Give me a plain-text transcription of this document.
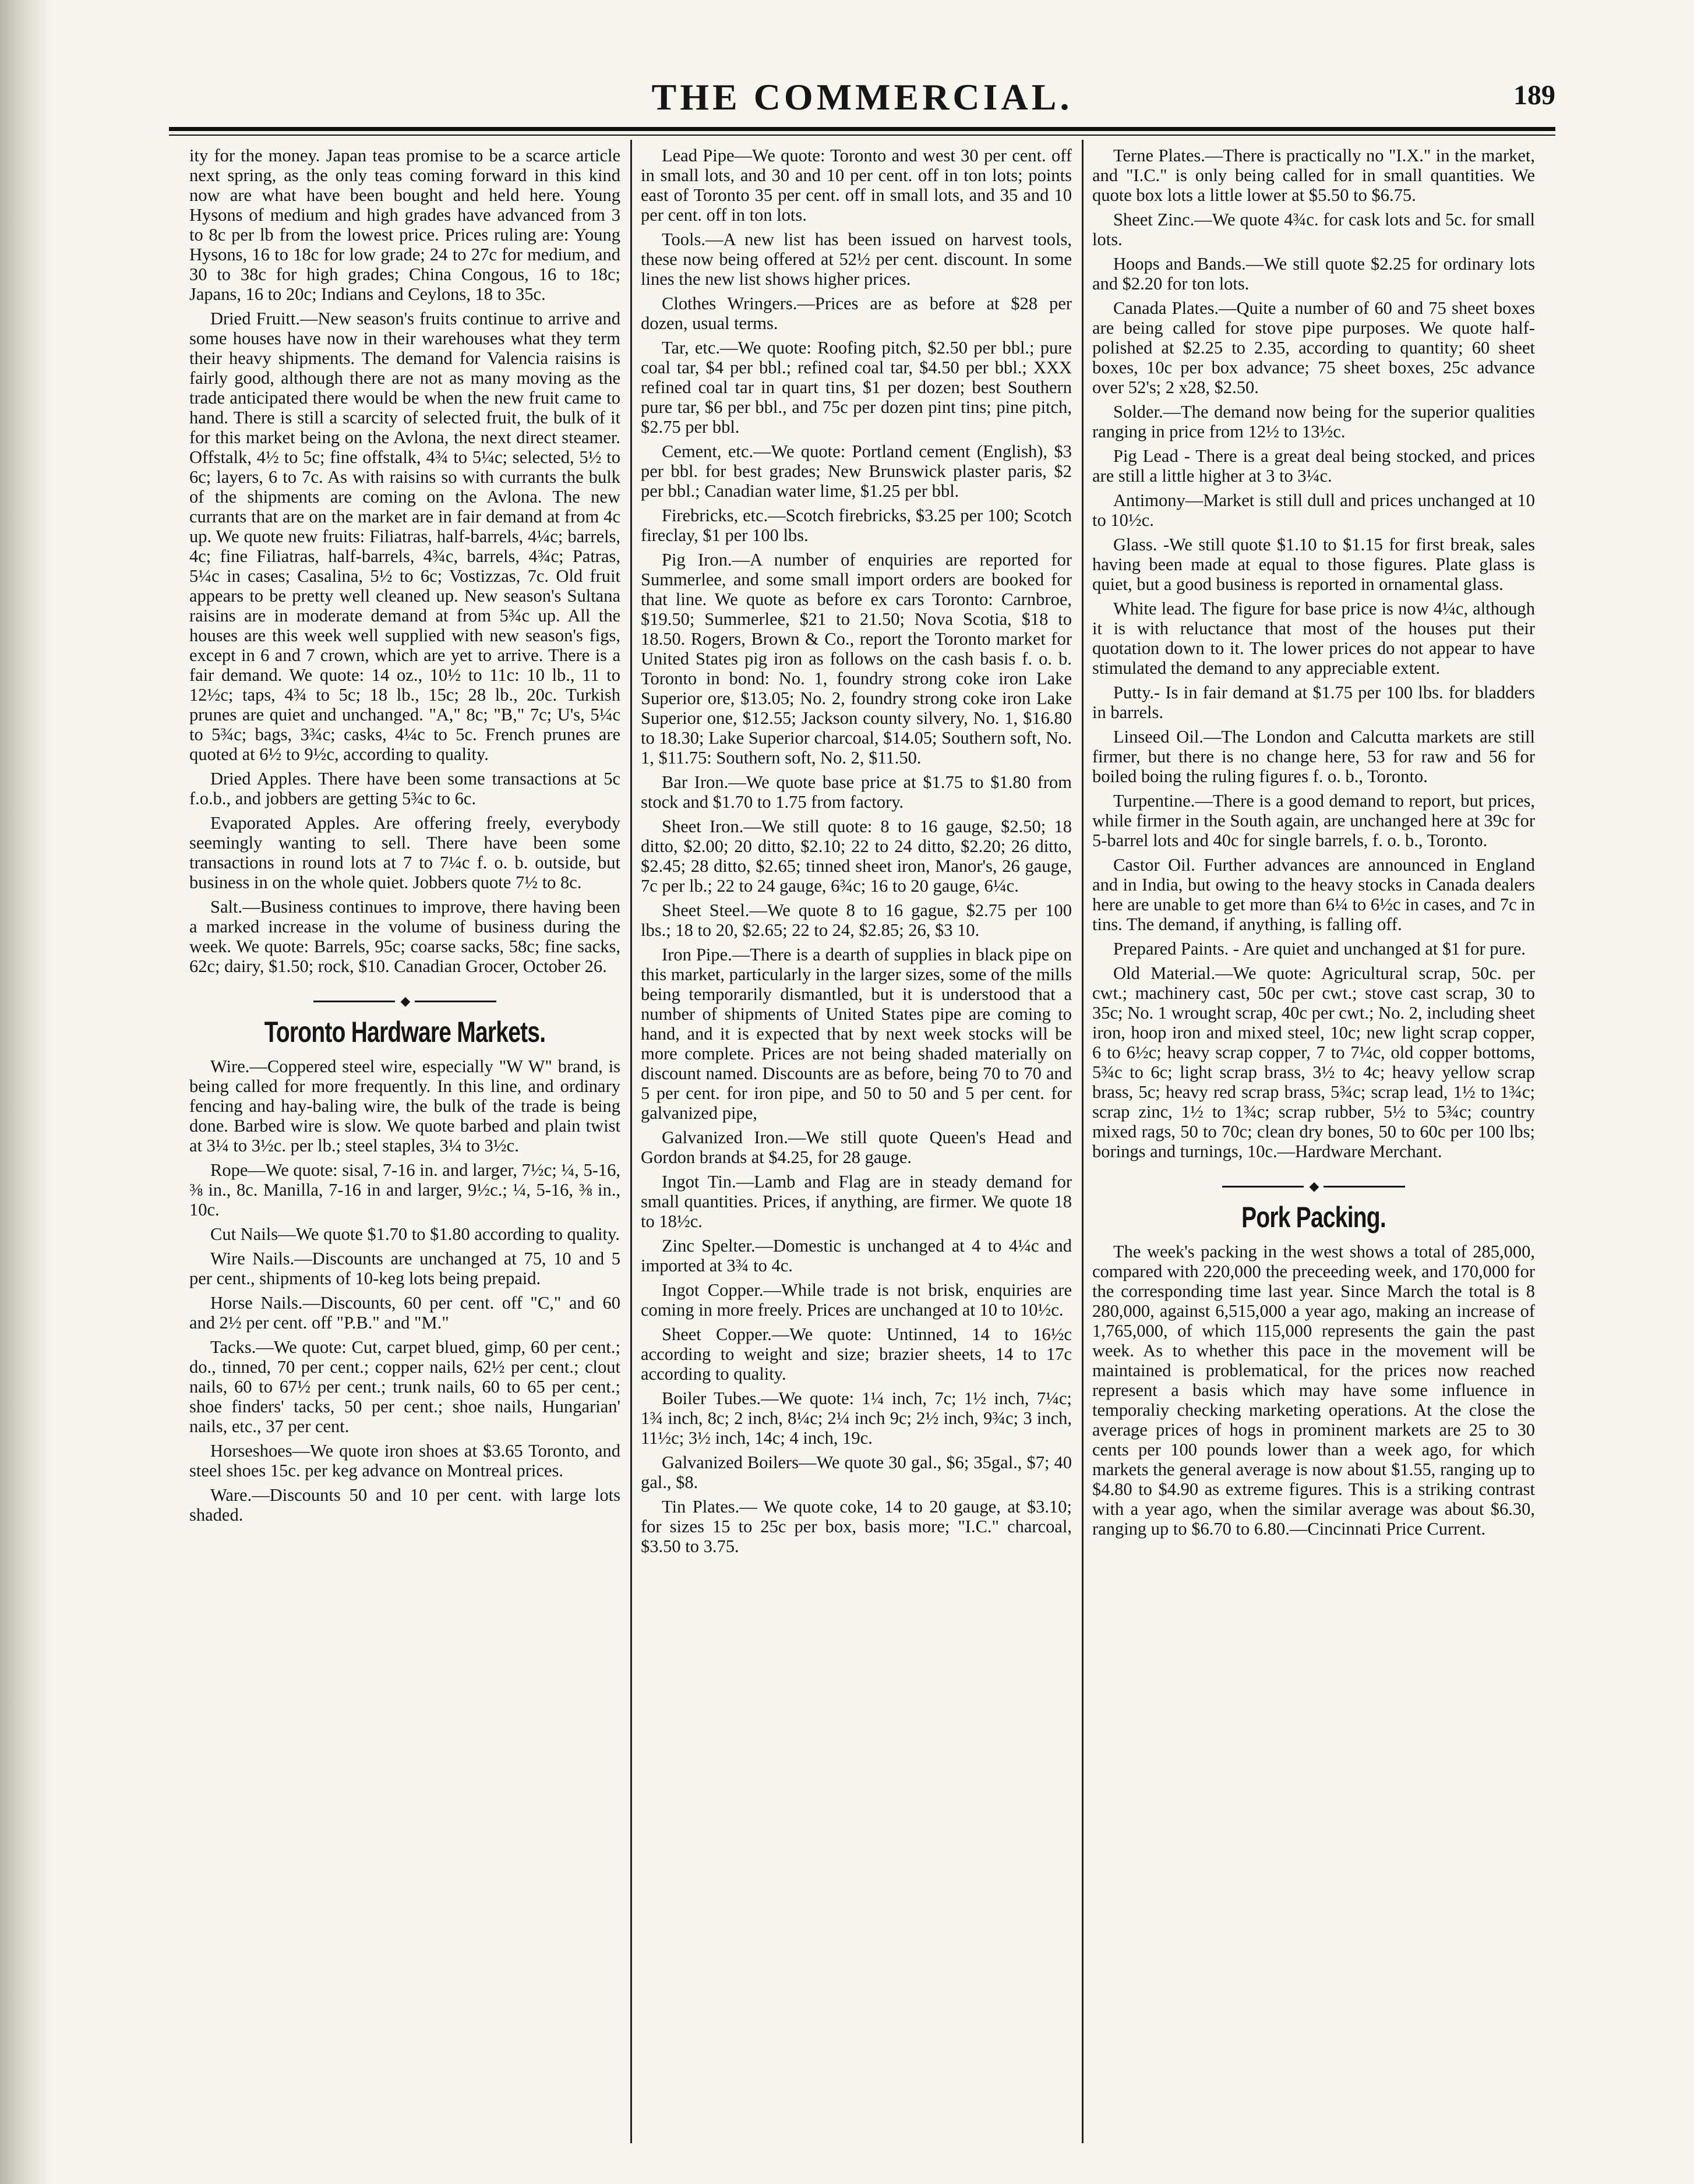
THE COMMERCIAL.	189

ity for the money. Japan teas promise to be a scarce article next spring, as the only teas coming forward in this kind now are what have been bought and held here. Young Hysons of medium and high grades have advanced from 3 to 8c per lb from the lowest price. Prices ruling are: Young Hysons, 16 to 18c for low grade; 24 to 27c for medium, and 30 to 38c for high grades; China Congous, 16 to 18c; Japans, 16 to 20c; Indians and Ceylons, 18 to 35c.

Dried Fruitt.—New season's fruits continue to arrive and some houses have now in their warehouses what they term their heavy shipments. The demand for Valencia raisins is fairly good, although there are not as many moving as the trade anticipated there would be when the new fruit came to hand. There is still a scarcity of selected fruit, the bulk of it for this market being on the Avlona, the next direct steamer. Offstalk, 4½ to 5c; fine offstalk, 4¾ to 5¼c; selected, 5½ to 6c; layers, 6 to 7c. As with raisins so with currants the bulk of the shipments are coming on the Avlona. The new currants that are on the market are in fair demand at from 4c up. We quote new fruits: Filiatras, half-barrels, 4¼c; barrels, 4c; fine Filiatras, half-barrels, 4¾c, barrels, 4¾c; Patras, 5¼c in cases; Casalina, 5½ to 6c; Vostizzas, 7c. Old fruit appears to be pretty well cleaned up. New season's Sultana raisins are in moderate demand at from 5¾c up. All the houses are this week well supplied with new season's figs, except in 6 and 7 crown, which are yet to arrive. There is a fair demand. We quote: 14 oz., 10½ to 11c: 10 lb., 11 to 12½c; taps, 4¾ to 5c; 18 lb., 15c; 28 lb., 20c. Turkish prunes are quiet and unchanged. "A," 8c; "B," 7c; U's, 5¼c to 5¾c; bags, 3¾c; casks, 4¼c to 5c. French prunes are quoted at 6½ to 9½c, according to quality.

Dried Apples. There have been some transactions at 5c f.o.b., and jobbers are getting 5¾c to 6c.

Evaporated Apples. Are offering freely, everybody seemingly wanting to sell. There have been some transactions in round lots at 7 to 7¼c f. o. b. outside, but business in on the whole quiet. Jobbers quote 7½ to 8c.

Salt.—Business continues to improve, there having been a marked increase in the volume of business during the week. We quote: Barrels, 95c; coarse sacks, 58c; fine sacks, 62c; dairy, $1.50; rock, $10. Canadian Grocer, October 26.

◆
Toronto Hardware Markets.

Wire.—Coppered steel wire, especially "W W" brand, is being called for more frequently. In this line, and ordinary fencing and hay-baling wire, the bulk of the trade is being done. Barbed wire is slow. We quote barbed and plain twist at 3¼ to 3½c. per lb.; steel staples, 3¼ to 3½c.

Rope—We quote: sisal, 7-16 in. and larger, 7½c; ¼, 5-16, ⅜ in., 8c. Manilla, 7-16 in and larger, 9½c.; ¼, 5-16, ⅜ in., 10c.

Cut Nails—We quote $1.70 to $1.80 according to quality.

Wire Nails.—Discounts are unchanged at 75, 10 and 5 per cent., shipments of 10-keg lots being prepaid.

Horse Nails.—Discounts, 60 per cent. off "C," and 60 and 2½ per cent. off "P.B." and "M."

Tacks.—We quote: Cut, carpet blued, gimp, 60 per cent.; do., tinned, 70 per cent.; copper nails, 62½ per cent.; clout nails, 60 to 67½ per cent.; trunk nails, 60 to 65 per cent.; shoe finders' tacks, 50 per cent.; shoe nails, Hungarian' nails, etc., 37 per cent.

Horseshoes—We quote iron shoes at $3.65 Toronto, and steel shoes 15c. per keg advance on Montreal prices.

Ware.—Discounts 50 and 10 per cent. with large lots shaded.

Lead Pipe—We quote: Toronto and west 30 per cent. off in small lots, and 30 and 10 per cent. off in ton lots; points east of Toronto 35 per cent. off in small lots, and 35 and 10 per cent. off in ton lots.

Tools.—A new list has been issued on harvest tools, these now being offered at 52½ per cent. discount. In some lines the new list shows higher prices.

Clothes Wringers.—Prices are as before at $28 per dozen, usual terms.

Tar, etc.—We quote: Roofing pitch, $2.50 per bbl.; pure coal tar, $4 per bbl.; refined coal tar, $4.50 per bbl.; XXX refined coal tar in quart tins, $1 per dozen; best Southern pure tar, $6 per bbl., and 75c per dozen pint tins; pine pitch, $2.75 per bbl.

Cement, etc.—We quote: Portland cement (English), $3 per bbl. for best grades; New Brunswick plaster paris, $2 per bbl.; Canadian water lime, $1.25 per bbl.

Firebricks, etc.—Scotch firebricks, $3.25 per 100; Scotch fireclay, $1 per 100 lbs.

Pig Iron.—A number of enquiries are reported for Summerlee, and some small import orders are booked for that line. We quote as before ex cars Toronto: Carnbroe, $19.50; Summerlee, $21 to 21.50; Nova Scotia, $18 to 18.50. Rogers, Brown & Co., report the Toronto market for United States pig iron as follows on the cash basis f. o. b. Toronto in bond: No. 1, foundry strong coke iron Lake Superior ore, $13.05; No. 2, foundry strong coke iron Lake Superior one, $12.55; Jackson county silvery, No. 1, $16.80 to 18.30; Lake Superior charcoal, $14.05; Southern soft, No. 1, $11.75: Southern soft, No. 2, $11.50.

Bar Iron.—We quote base price at $1.75 to $1.80 from stock and $1.70 to 1.75 from factory.

Sheet Iron.—We still quote: 8 to 16 gauge, $2.50; 18 ditto, $2.00; 20 ditto, $2.10; 22 to 24 ditto, $2.20; 26 ditto, $2.45; 28 ditto, $2.65; tinned sheet iron, Manor's, 26 gauge, 7c per lb.; 22 to 24 gauge, 6¾c; 16 to 20 gauge, 6¼c.

Sheet Steel.—We quote 8 to 16 gague, $2.75 per 100 lbs.; 18 to 20, $2.65; 22 to 24, $2.85; 26, $3 10.

Iron Pipe.—There is a dearth of supplies in black pipe on this market, particularly in the larger sizes, some of the mills being temporarily dismantled, but it is understood that a number of shipments of United States pipe are coming to hand, and it is expected that by next week stocks will be more complete. Prices are not being shaded materially on discount named. Discounts are as before, being 70 to 70 and 5 per cent. for iron pipe, and 50 to 50 and 5 per cent. for galvanized pipe,

Galvanized Iron.—We still quote Queen's Head and Gordon brands at $4.25, for 28 gauge.

Ingot Tin.—Lamb and Flag are in steady demand for small quantities. Prices, if anything, are firmer. We quote 18 to 18½c.

Zinc Spelter.—Domestic is unchanged at 4 to 4¼c and imported at 3¾ to 4c.

Ingot Copper.—While trade is not brisk, enquiries are coming in more freely. Prices are unchanged at 10 to 10½c.

Sheet Copper.—We quote: Untinned, 14 to 16½c according to weight and size; brazier sheets, 14 to 17c according to quality.

Boiler Tubes.—We quote: 1¼ inch, 7c; 1½ inch, 7¼c; 1¾ inch, 8c; 2 inch, 8¼c; 2¼ inch 9c; 2½ inch, 9¾c; 3 inch, 11½c; 3½ inch, 14c; 4 inch, 19c.

Galvanized Boilers—We quote 30 gal., $6; 35gal., $7; 40 gal., $8.

Tin Plates.— We quote coke, 14 to 20 gauge, at $3.10; for sizes 15 to 25c per box, basis more; "I.C." charcoal, $3.50 to 3.75.

Terne Plates.—There is practically no "I.X." in the market, and "I.C." is only being called for in small quantities. We quote box lots a little lower at $5.50 to $6.75.

Sheet Zinc.—We quote 4¾c. for cask lots and 5c. for small lots.

Hoops and Bands.—We still quote $2.25 for ordinary lots and $2.20 for ton lots.

Canada Plates.—Quite a number of 60 and 75 sheet boxes are being called for stove pipe purposes. We quote half-polished at $2.25 to 2.35, according to quantity; 60 sheet boxes, 10c per box advance; 75 sheet boxes, 25c advance over 52's; 2 x28, $2.50.

Solder.—The demand now being for the superior qualities ranging in price from 12½ to 13½c.

Pig Lead - There is a great deal being stocked, and prices are still a little higher at 3 to 3¼c.

Antimony—Market is still dull and prices unchanged at 10 to 10½c.

Glass. -We still quote $1.10 to $1.15 for first break, sales having been made at equal to those figures. Plate glass is quiet, but a good business is reported in ornamental glass.

White lead. The figure for base price is now 4¼c, although it is with reluctance that most of the houses put their quotation down to it. The lower prices do not appear to have stimulated the demand to any appreciable extent.

Putty.- Is in fair demand at $1.75 per 100 lbs. for bladders in barrels.

Linseed Oil.—The London and Calcutta markets are still firmer, but there is no change here, 53 for raw and 56 for boiled boing the ruling figures f. o. b., Toronto.

Turpentine.—There is a good demand to report, but prices, while firmer in the South again, are unchanged here at 39c for 5-barrel lots and 40c for single barrels, f. o. b., Toronto.

Castor Oil. Further advances are announced in England and in India, but owing to the heavy stocks in Canada dealers here are unable to get more than 6¼ to 6½c in cases, and 7c in tins. The demand, if anything, is falling off.

Prepared Paints. - Are quiet and unchanged at $1 for pure.

Old Material.—We quote: Agricultural scrap, 50c. per cwt.; machinery cast, 50c per cwt.; stove cast scrap, 30 to 35c; No. 1 wrought scrap, 40c per cwt.; No. 2, including sheet iron, hoop iron and mixed steel, 10c; new light scrap copper, 6 to 6½c; heavy scrap copper, 7 to 7¼c, old copper bottoms, 5¾c to 6c; light scrap brass, 3½ to 4c; heavy yellow scrap brass, 5c; heavy red scrap brass, 5¾c; scrap lead, 1½ to 1¾c; scrap zinc, 1½ to 1¾c; scrap rubber, 5½ to 5¾c; country mixed rags, 50 to 70c; clean dry bones, 50 to 60c per 100 lbs; borings and turnings, 10c.—Hardware Merchant.

◆
Pork Packing.

The week's packing in the west shows a total of 285,000, compared with 220,000 the preceeding week, and 170,000 for the corresponding time last year. Since March the total is 8 280,000, against 6,515,000 a year ago, making an increase of 1,765,000, of which 115,000 represents the gain the past week. As to whether this pace in the movement will be maintained is problematical, for the prices now reached represent a basis which may have some influence in temporaliy checking marketing operations. At the close the average prices of hogs in prominent markets are 25 to 30 cents per 100 pounds lower than a week ago, for which markets the general average is now about $1.55, ranging up to $4.80 to $4.90 as extreme figures. This is a striking contrast with a year ago, when the similar average was about $6.30, ranging up to $6.70 to 6.80.—Cincinnati Price Current.
